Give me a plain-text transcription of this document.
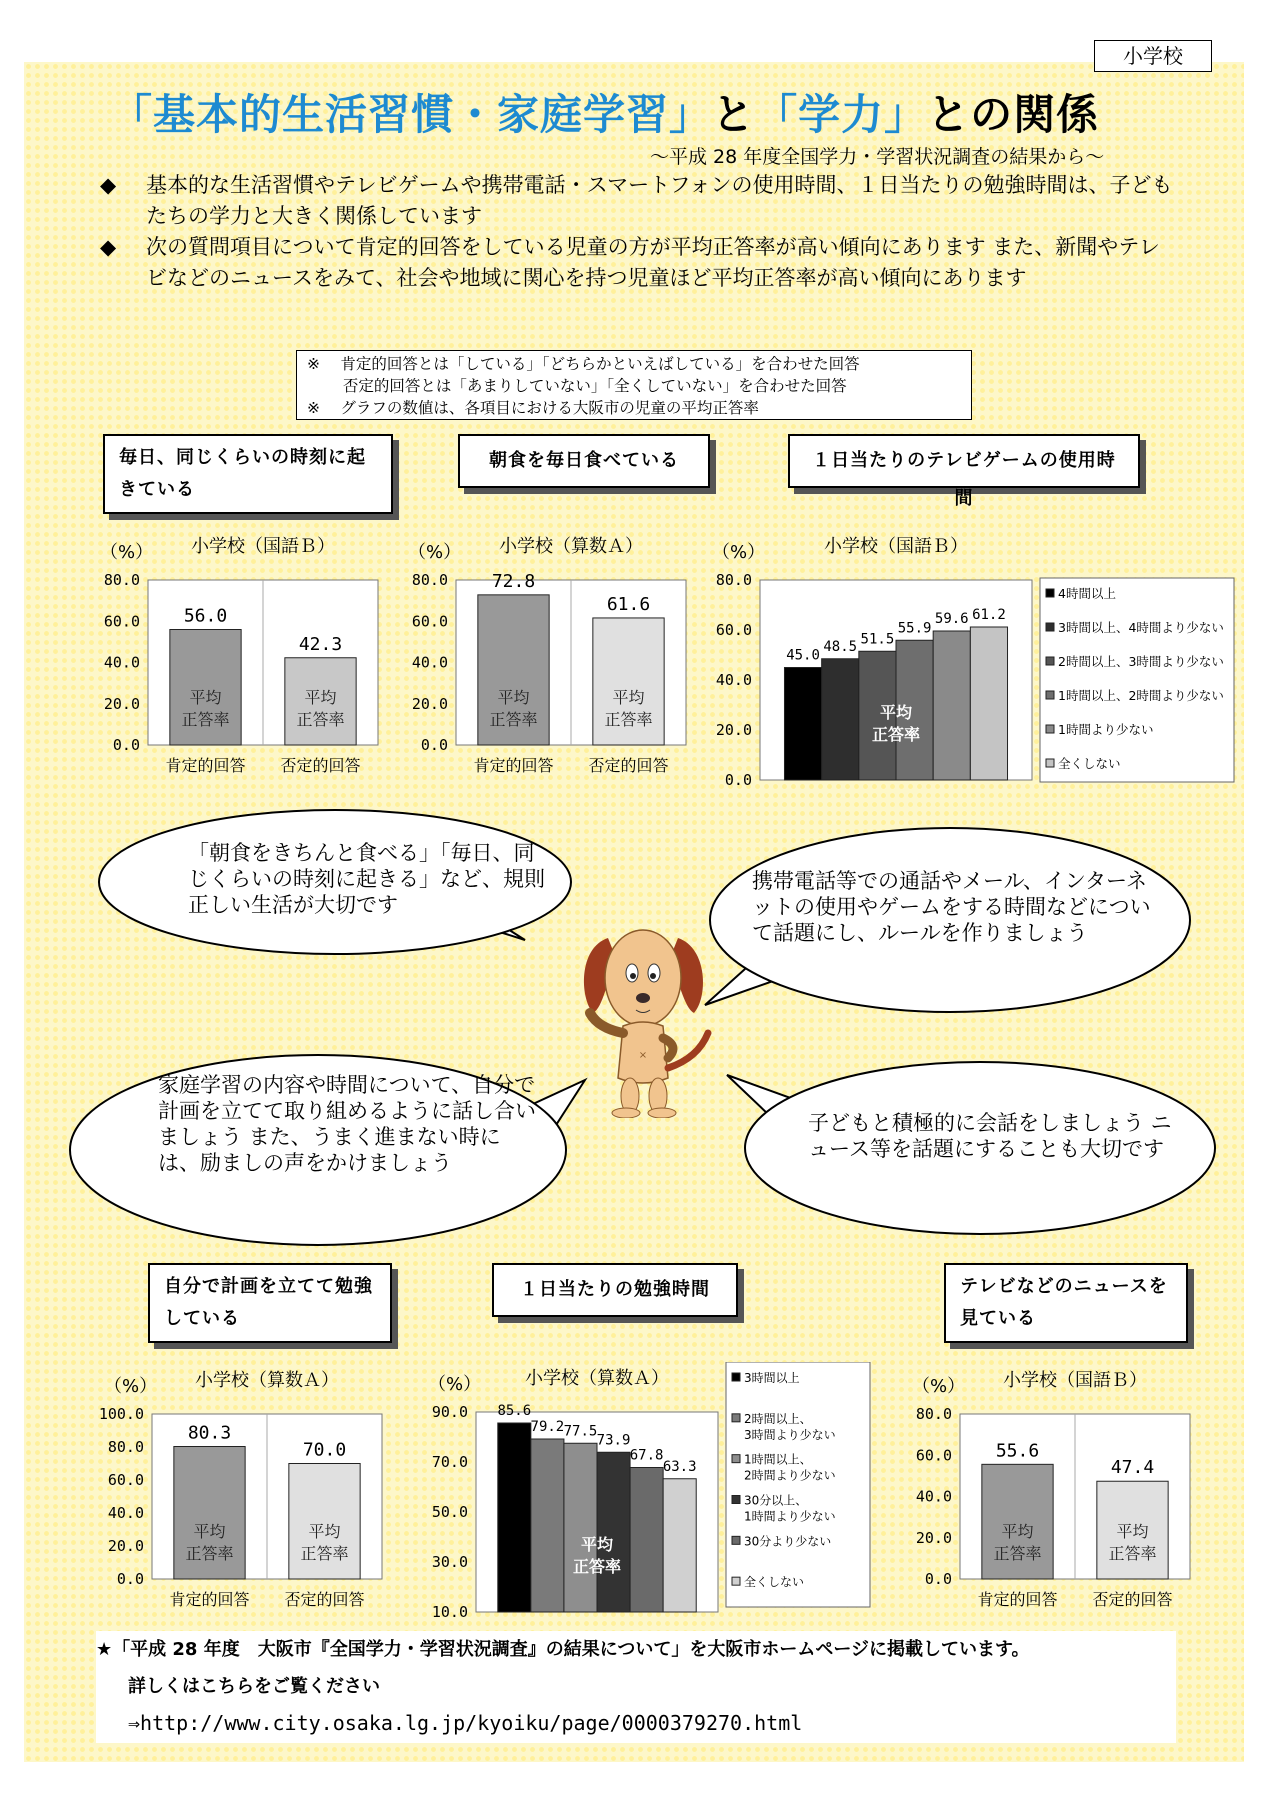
小学校
「基本的生活習慣・家庭学習」と「学力」との関係
～平成 28 年度全国学力・学習状況調査の結果から～
◆ 基本的な生活習慣やテレビゲームや携帯電話・スマートフォンの使用時間、１日当たりの勉強時間は、子どもたちの学力と大きく関係しています
◆ 次の質問項目について肯定的回答をしている児童の方が平均正答率が高い傾向にあります また、新聞やテレビなどのニュースをみて、社会や地域に関心を持つ児童ほど平均正答率が高い傾向にあります
※　 肯定的回答とは「している」「どちらかといえばしている」を合わせた回答
　　 否定的回答とは「あまりしていない」「全くしていない」を合わせた回答
※　 グラフの数値は、各項目における大阪市の児童の平均正答率
毎日、同じくらいの時刻に起きている
朝食を毎日食べている	１日当たりのテレビゲームの使用時間
自分で計画を立てて勉強している
１日当たりの勉強時間	テレビなどのニュースを見ている
（%） 小学校（国語Ｂ）
0.0
20.0
40.0
60.0
80.0
56.0
平均
正答率
肯定的回答
42.3
平均
正答率
否定的回答
（%） 小学校（算数Ａ）
0.0
20.0
40.0
60.0
80.0 72.8
平均
正答率
肯定的回答
61.6
平均
正答率
否定的回答
（%）	小学校（国語Ｂ）
0.0
20.0
40.0
60.0
80.0
45.0
48.5 51.5
55.9
59.6 61.2
平均
正答率
4時間以上
3時間以上、4時間より少ない
2時間以上、3時間より少ない
1時間以上、2時間より少ない
1時間より少ない
全くしない
（%） 小学校（算数Ａ）
0.0
20.0
40.0
60.0
80.0
100.0
80.3
平均
正答率
肯定的回答
70.0
平均
正答率
否定的回答
（%） 小学校（算数Ａ）
10.0
30.0
50.0
70.0
90.0 85.6
79.2 77.5
73.9
67.8
63.3
平均
正答率
3時間以上
2時間以上、
3時間より少ない
1時間以上、
2時間より少ない
30分以上、
1時間より少ない
30分より少ない
全くしない
（%） 小学校（国語Ｂ）
0.0
20.0
40.0
60.0
80.0
55.6
平均
正答率
肯定的回答
47.4
平均
正答率
否定的回答
「朝食をきちんと食べる」「毎日、同じくらいの時刻に起きる」など、規則正しい生活が大切です
携帯電話等での通話やメール、インターネットの使用やゲームをする時間などについて話題にし、ルールを作りましょう
家庭学習の内容や時間について、自分で計画を立てて取り組めるように話し合いましょう また、うまく進まない時には、励ましの声をかけましょう
子どもと積極的に会話をしましょう ニュース等を話題にすることも大切です
×
★「平成 28 年度　大阪市『全国学力・学習状況調査』の結果について」を大阪市ホームページに掲載しています。
詳しくはこちらをご覧ください
⇒http://www.city.osaka.lg.jp/kyoiku/page/0000379270.html
